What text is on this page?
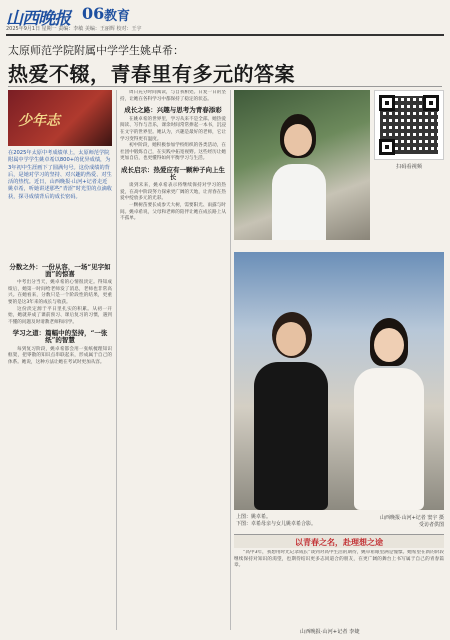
山西晚报 06 教育
2025年9月1日 星期一 责编：李敏 美编：王丽辉 校对：王宇
太原师范学院附属中学学生姚卓希：
热爱不辍，青春里有多元的答案
少年志
在2025年太原中考成绩单上，太原师范学院附属中学学生姚卓希以800+的优异成绩，为3年初中生涯画下了圆满句号。这份成绩的背后，是她对学习的坚持、对兴趣的热爱、对生活的热忱。近日，山西晚报·山河+记者走近姚卓希，听她讲述那些“青涩”时光里的点滴收获，探寻成绩背后的成长密码。
分数之外：一份从容，一场“见字如面”的惊喜

中考出分当天，姚卓希的心情很淡定。得知成绩后，她第一时间给老师发了消息，老师也非常高兴。在她看来，分数只是一个阶段性的结果，更重要的是这3年来的成长与收获。

这份淡定源于平日里扎实的积累。从初一开始，她就养成了课前预习、课后复习的习惯，遇到不懂的问题及时请教老师和同学。

学习之道：篇幅中的坚持，“一张纸”的智慧

每到复习阶段，姚卓希都会用一张纸梳理知识框架，把零散的知识点串联起来，形成属于自己的体系。她说，这种方法让她在考试时更加从容。

周日充分时间阅读，与自我相处。日复一日的坚持，让她在各科学习中都保持了稳定的状态。

成长之路：兴趣与思考为青春添彩

在姚卓希的世界里，学习从来不是全部。她热爱阅读、写作与音乐，课余时间常常捧起一本书，沉浸在文字的世界里。她认为，兴趣是最好的老师，它让学习变得更有温度。

初中阶段，她积极参加学校组织的各类活动，在社团中锻炼自己，在实践中拓宽视野。这些经历让她更加自信，也更懂得如何平衡学习与生活。

成长启示：热爱应有一颗种子向上生长

谈到未来，姚卓希表示将继续保持对学习的热爱，在高中阶段努力探索更广阔的天地，让青春在热爱中绽放多元的光彩。

一颗树苗要长成参天大树，需要阳光、雨露与时间。姚卓希说，父母和老师的陪伴让她在成长路上从不孤单。

扫码看视频
上图：姚卓希。
下图：卓希母亲与女儿姚卓希合影。
山西晚报·山河+记者 窦宇 摄
受访者供图
以青春之名，赴理想之途

“高中3年，我想用时光记录成长”谈到对高中生活的期待，姚卓希眼里满是憧憬。她希望在新的阶段继续保持对知识的渴望，也期待结识更多志同道合的朋友，在更广阔的舞台上书写属于自己的青春篇章。

山西晚报·山河+记者 李婕
